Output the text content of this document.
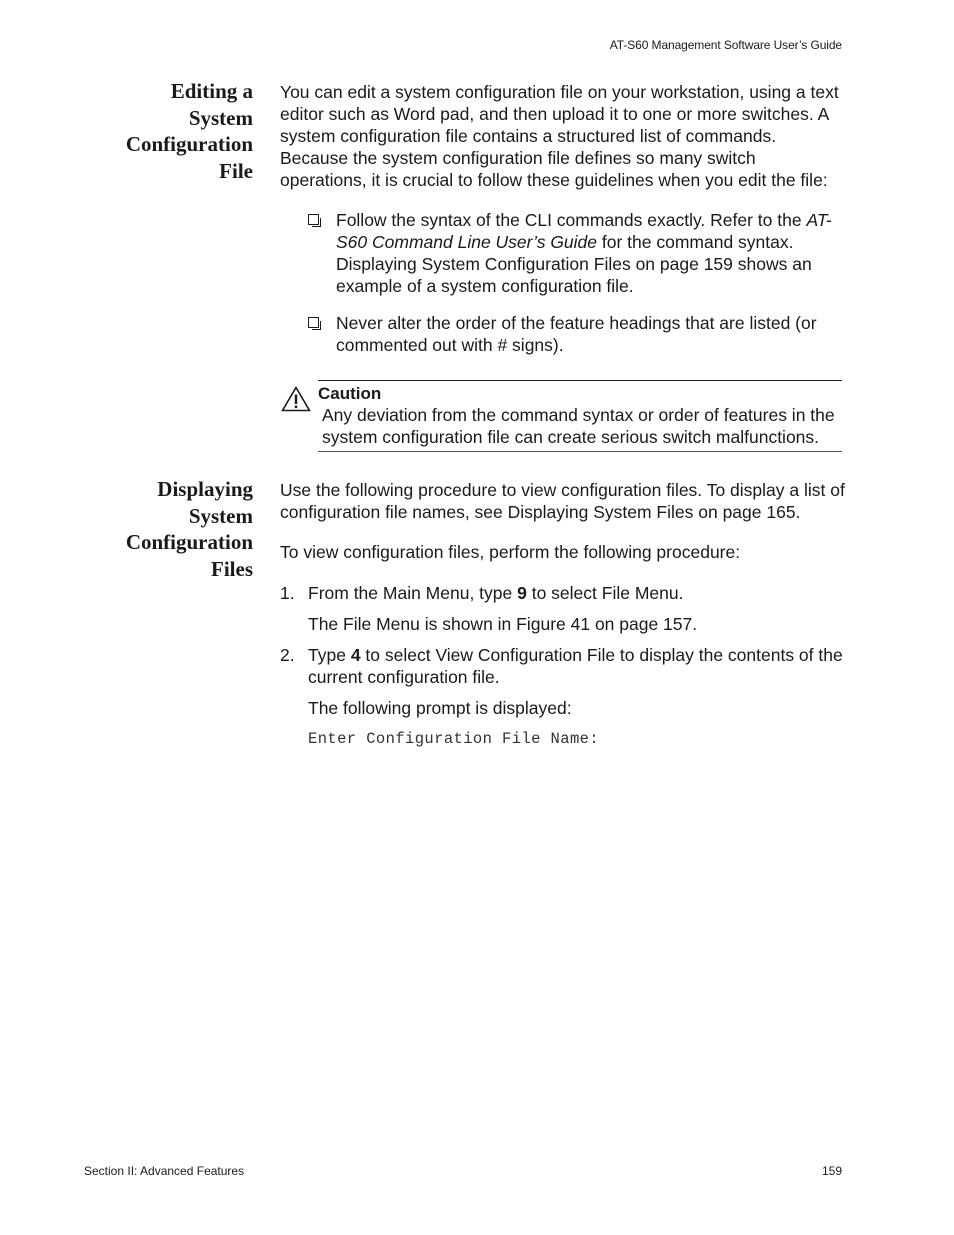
AT-S60 Management Software User’s Guide
Editing a
System
Configuration
File

You can edit a system configuration file on your workstation, using a text editor such as Word pad, and then upload it to one or more switches. A system configuration file contains a structured list of commands. Because the system configuration file defines so many switch operations, it is crucial to follow these guidelines when you edit the file:

Follow the syntax of the CLI commands exactly. Refer to the AT-S60 Command Line User’s Guide for the command syntax. Displaying System Configuration Files on page 159 shows an example of a system configuration file.
Never alter the order of the feature headings that are listed (or commented out with # signs).
Caution
Any deviation from the command syntax or order of features in the system configuration file can create serious switch malfunctions.
Displaying
System
Configuration
Files

Use the following procedure to view configuration files. To display a list of configuration file names, see Displaying System Files on page 165.

To view configuration files, perform the following procedure:

1. From the Main Menu, type 9 to select File Menu.
The File Menu is shown in Figure 41 on page 157.
2. Type 4 to select View Configuration File to display the contents of the current configuration file.
The following prompt is displayed:
Enter Configuration File Name:
Section II: Advanced Features	159
